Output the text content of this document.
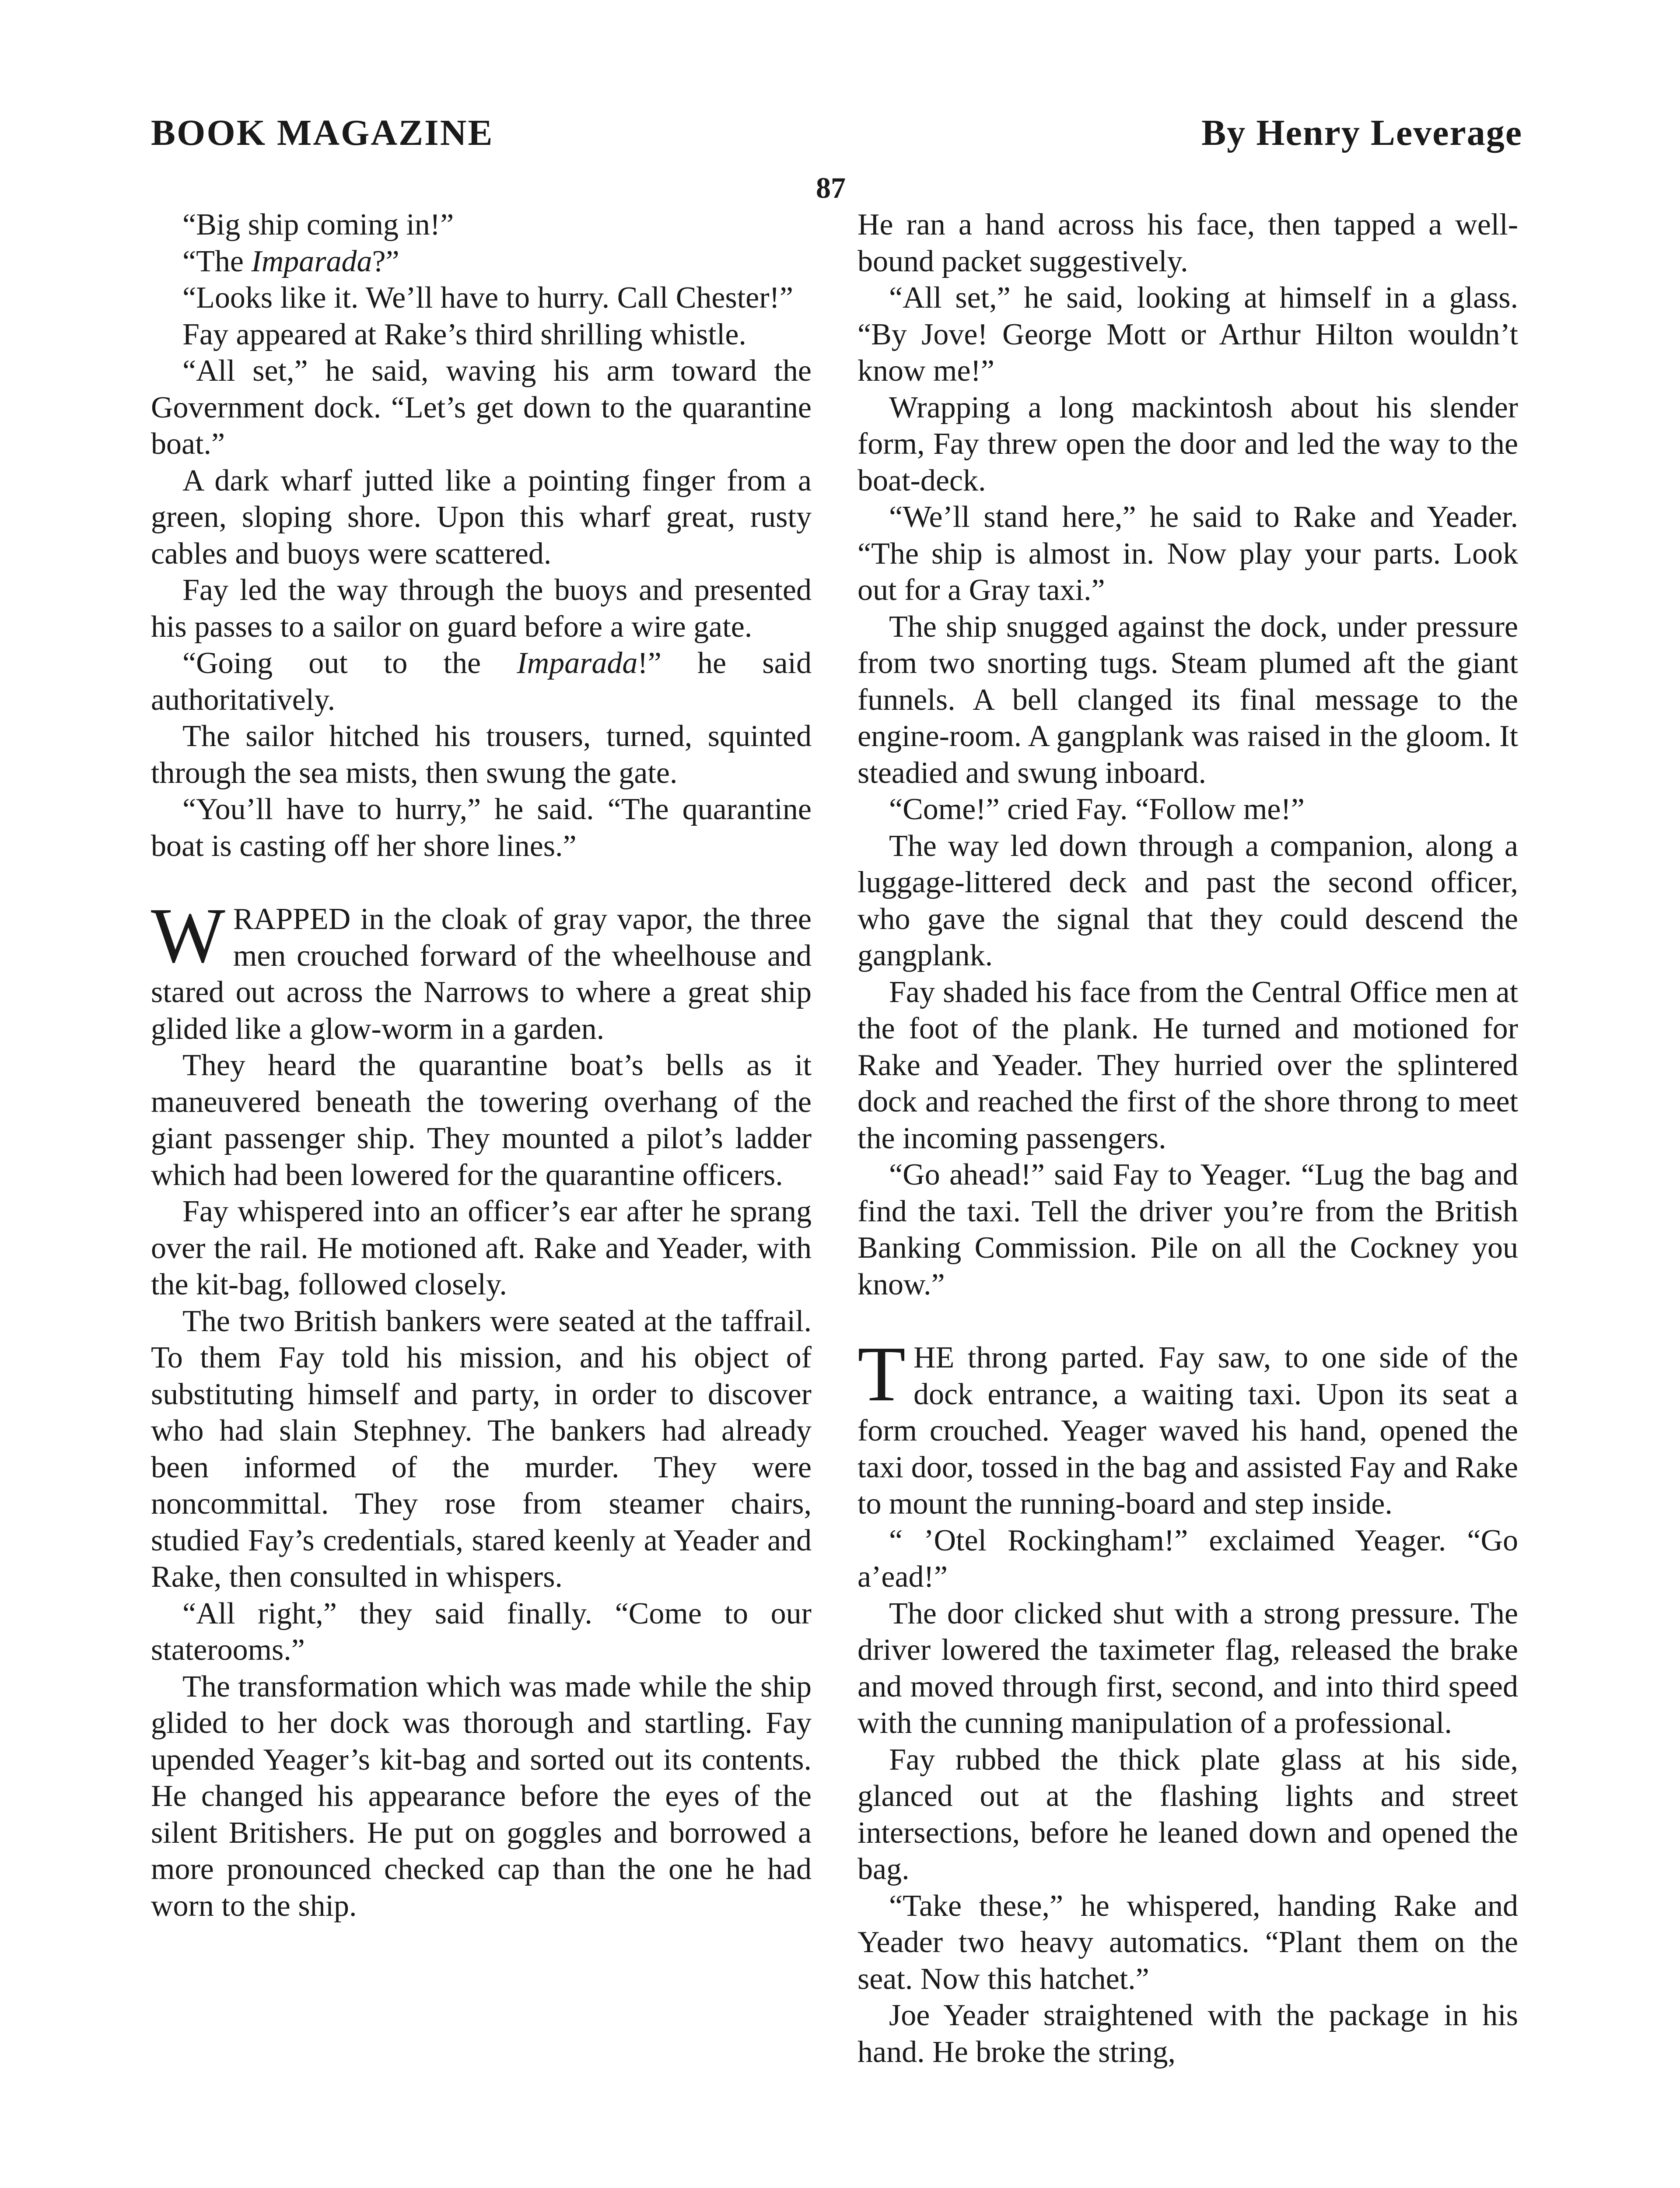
BOOK MAGAZINE	By Henry Leverage
87

“Big ship coming in!”

“The Imparada?”

“Looks like it. We’ll have to hurry. Call Chester!”

Fay appeared at Rake’s third shrilling whistle.

“All set,” he said, waving his arm toward the Government dock. “Let’s get down to the quarantine boat.”

A dark wharf jutted like a pointing finger from a green, sloping shore. Upon this wharf great, rusty cables and buoys were scattered.

Fay led the way through the buoys and presented his passes to a sailor on guard before a wire gate.

“Going out to the Imparada!” he said authoritatively.

The sailor hitched his trousers, turned, squinted through the sea mists, then swung the gate.

“You’ll have to hurry,” he said. “The quarantine boat is casting off her shore lines.”

WRAPPED in the cloak of gray vapor, the three men crouched forward of the wheelhouse and stared out across the Narrows to where a great ship glided like a glow-worm in a garden.

They heard the quarantine boat’s bells as it maneuvered beneath the towering overhang of the giant passenger ship. They mounted a pilot’s ladder which had been lowered for the quarantine officers.

Fay whispered into an officer’s ear after he sprang over the rail. He motioned aft. Rake and Yeader, with the kit-bag, followed closely.

The two British bankers were seated at the taffrail. To them Fay told his mission, and his object of substituting himself and party, in order to discover who had slain Stephney. The bankers had already been informed of the murder. They were noncommittal. They rose from steamer chairs, studied Fay’s credentials, stared keenly at Yeader and Rake, then consulted in whispers.

“All right,” they said finally. “Come to our staterooms.”

The transformation which was made while the ship glided to her dock was thorough and startling. Fay upended Yeager’s kit-bag and sorted out its contents. He changed his appearance before the eyes of the silent Britishers. He put on goggles and borrowed a more pronounced checked cap than the one he had worn to the ship.

He ran a hand across his face, then tapped a well-bound packet suggestively.

“All set,” he said, looking at himself in a glass. “By Jove! George Mott or Arthur Hilton wouldn’t know me!”

Wrapping a long mackintosh about his slender form, Fay threw open the door and led the way to the boat-deck.

“We’ll stand here,” he said to Rake and Yeader. “The ship is almost in. Now play your parts. Look out for a Gray taxi.”

The ship snugged against the dock, under pressure from two snorting tugs. Steam plumed aft the giant funnels. A bell clanged its final message to the engine-room. A gangplank was raised in the gloom. It steadied and swung inboard.

“Come!” cried Fay. “Follow me!”

The way led down through a companion, along a luggage-littered deck and past the second officer, who gave the signal that they could descend the gangplank.

Fay shaded his face from the Central Office men at the foot of the plank. He turned and motioned for Rake and Yeader. They hurried over the splintered dock and reached the first of the shore throng to meet the incoming passengers.

“Go ahead!” said Fay to Yeager. “Lug the bag and find the taxi. Tell the driver you’re from the British Banking Commission. Pile on all the Cockney you know.”

THE throng parted. Fay saw, to one side of the dock entrance, a waiting taxi. Upon its seat a form crouched. Yeager waved his hand, opened the taxi door, tossed in the bag and assisted Fay and Rake to mount the running-board and step inside.

“ ’Otel Rockingham!” exclaimed Yeager. “Go a’ead!”

The door clicked shut with a strong pressure. The driver lowered the taximeter flag, released the brake and moved through first, second, and into third speed with the cunning manipulation of a professional.

Fay rubbed the thick plate glass at his side, glanced out at the flashing lights and street intersections, before he leaned down and opened the bag.

“Take these,” he whispered, handing Rake and Yeader two heavy automatics. “Plant them on the seat. Now this hatchet.”

Joe Yeader straightened with the package in his hand. He broke the string,
